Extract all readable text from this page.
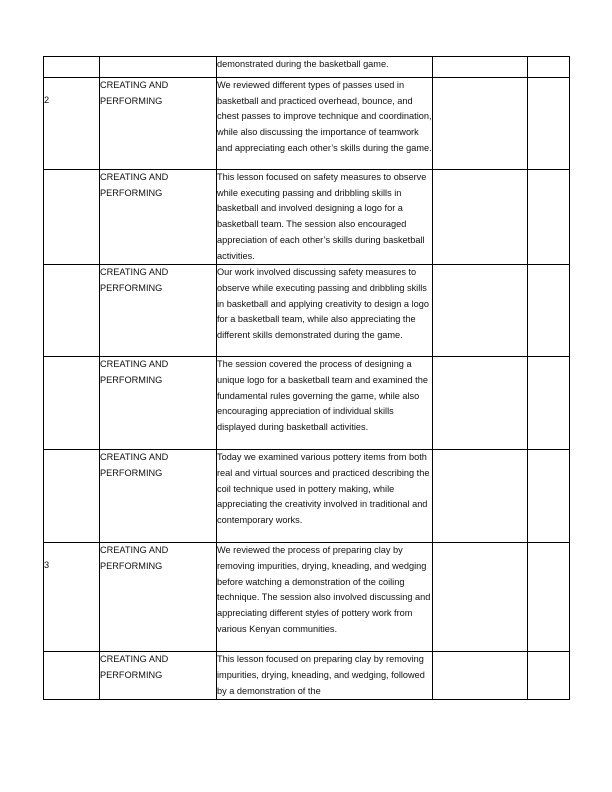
		demonstrated during the basketball game.		

2	CREATING AND PERFORMING	We reviewed different types of passes used in basketball and practiced overhead, bounce, and chest passes to improve technique and coordination, while also discussing the importance of teamwork and appreciating each other’s skills during the game.		

	CREATING AND PERFORMING	This lesson focused on safety measures to observe while executing passing and dribbling skills in basketball and involved designing a logo for a basketball team. The session also encouraged appreciation of each other’s skills during basketball activities.		

	CREATING AND PERFORMING	Our work involved discussing safety measures to observe while executing passing and dribbling skills in basketball and applying creativity to design a logo for a basketball team, while also appreciating the different skills demonstrated during the game.		

	CREATING AND PERFORMING	The session covered the process of designing a unique logo for a basketball team and examined the fundamental rules governing the game, while also encouraging appreciation of individual skills displayed during basketball activities.		

	CREATING AND PERFORMING	Today we examined various pottery items from both real and virtual sources and practiced describing the coil technique used in pottery making, while appreciating the creativity involved in traditional and contemporary works.		

3	CREATING AND PERFORMING	We reviewed the process of preparing clay by removing impurities, drying, kneading, and wedging before watching a demonstration of the coiling technique. The session also involved discussing and appreciating different styles of pottery work from various Kenyan communities.		

	CREATING AND PERFORMING	This lesson focused on preparing clay by removing impurities, drying, kneading, and wedging, followed by a demonstration of the		
